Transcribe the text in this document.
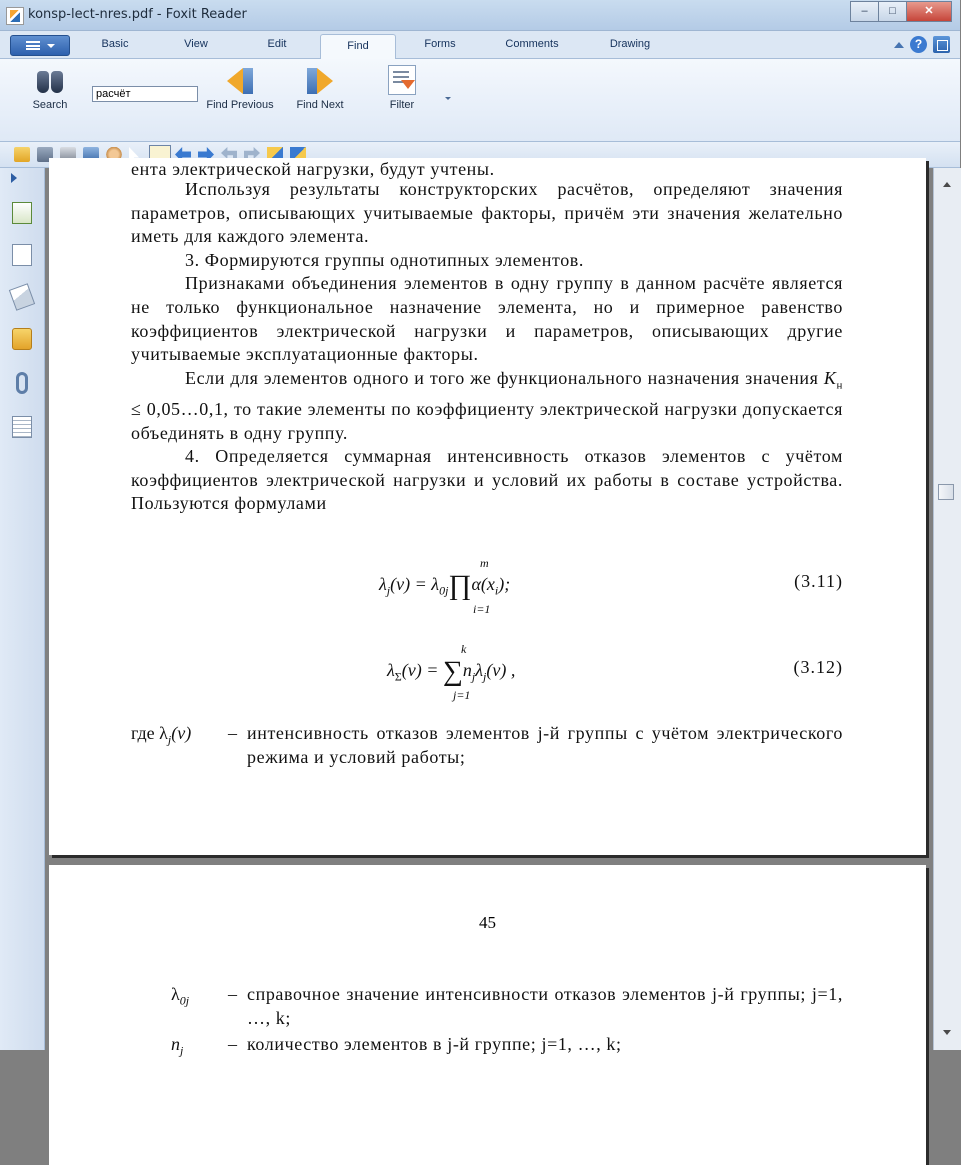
konsp-lect-nres.pdf - Foxit Reader	–	□	✕
Basic	View	Edit	Find	Forms	Comments	Drawing	?
Search
расчёт	Find Previous	Find Next	Filter
ента электрической нагрузки, будут учтены.
Используя результаты конструкторских расчётов, определяют значения параметров, описывающих учитываемые факторы, причём эти значения желательно иметь для каждого элемента.
3. Формируются группы однотипных элементов.
Признаками объединения элементов в одну группу в данном расчёте является не только функциональное назначение элемента, но и примерное равенство коэффициентов электрической нагрузки и параметров, описывающих другие учитываемые эксплуатационные факторы.
Если для элементов одного и того же функционального назначения значения $K_н$ ≤ 0,05…0,1, то такие элементы по коэффициенту электрической нагрузки допускается объединять в одну группу.
4. Определяется суммарная интенсивность отказов элементов с учётом коэффициентов электрической нагрузки и условий их работы в составе устройства. Пользуются формулами
$\lambda_j(v)$ = $\lambda_{0j}\prod\alpha(x_i)$;
m
i=1
(3.11)
$\lambda_\Sigma(v) = \sum n_j\lambda_j(v)$ ,
k
j=1
(3.12)
где $\lambda_j(v)$ – интенсивность отказов элементов j-й группы с учётом электрического режима и условий работы;
45
$\lambda_{0j}$ – справочное значение интенсивности отказов элементов j-й группы; j=1, …, k;
$n_j$ – количество элементов в j-й группе; j=1, …, k;
